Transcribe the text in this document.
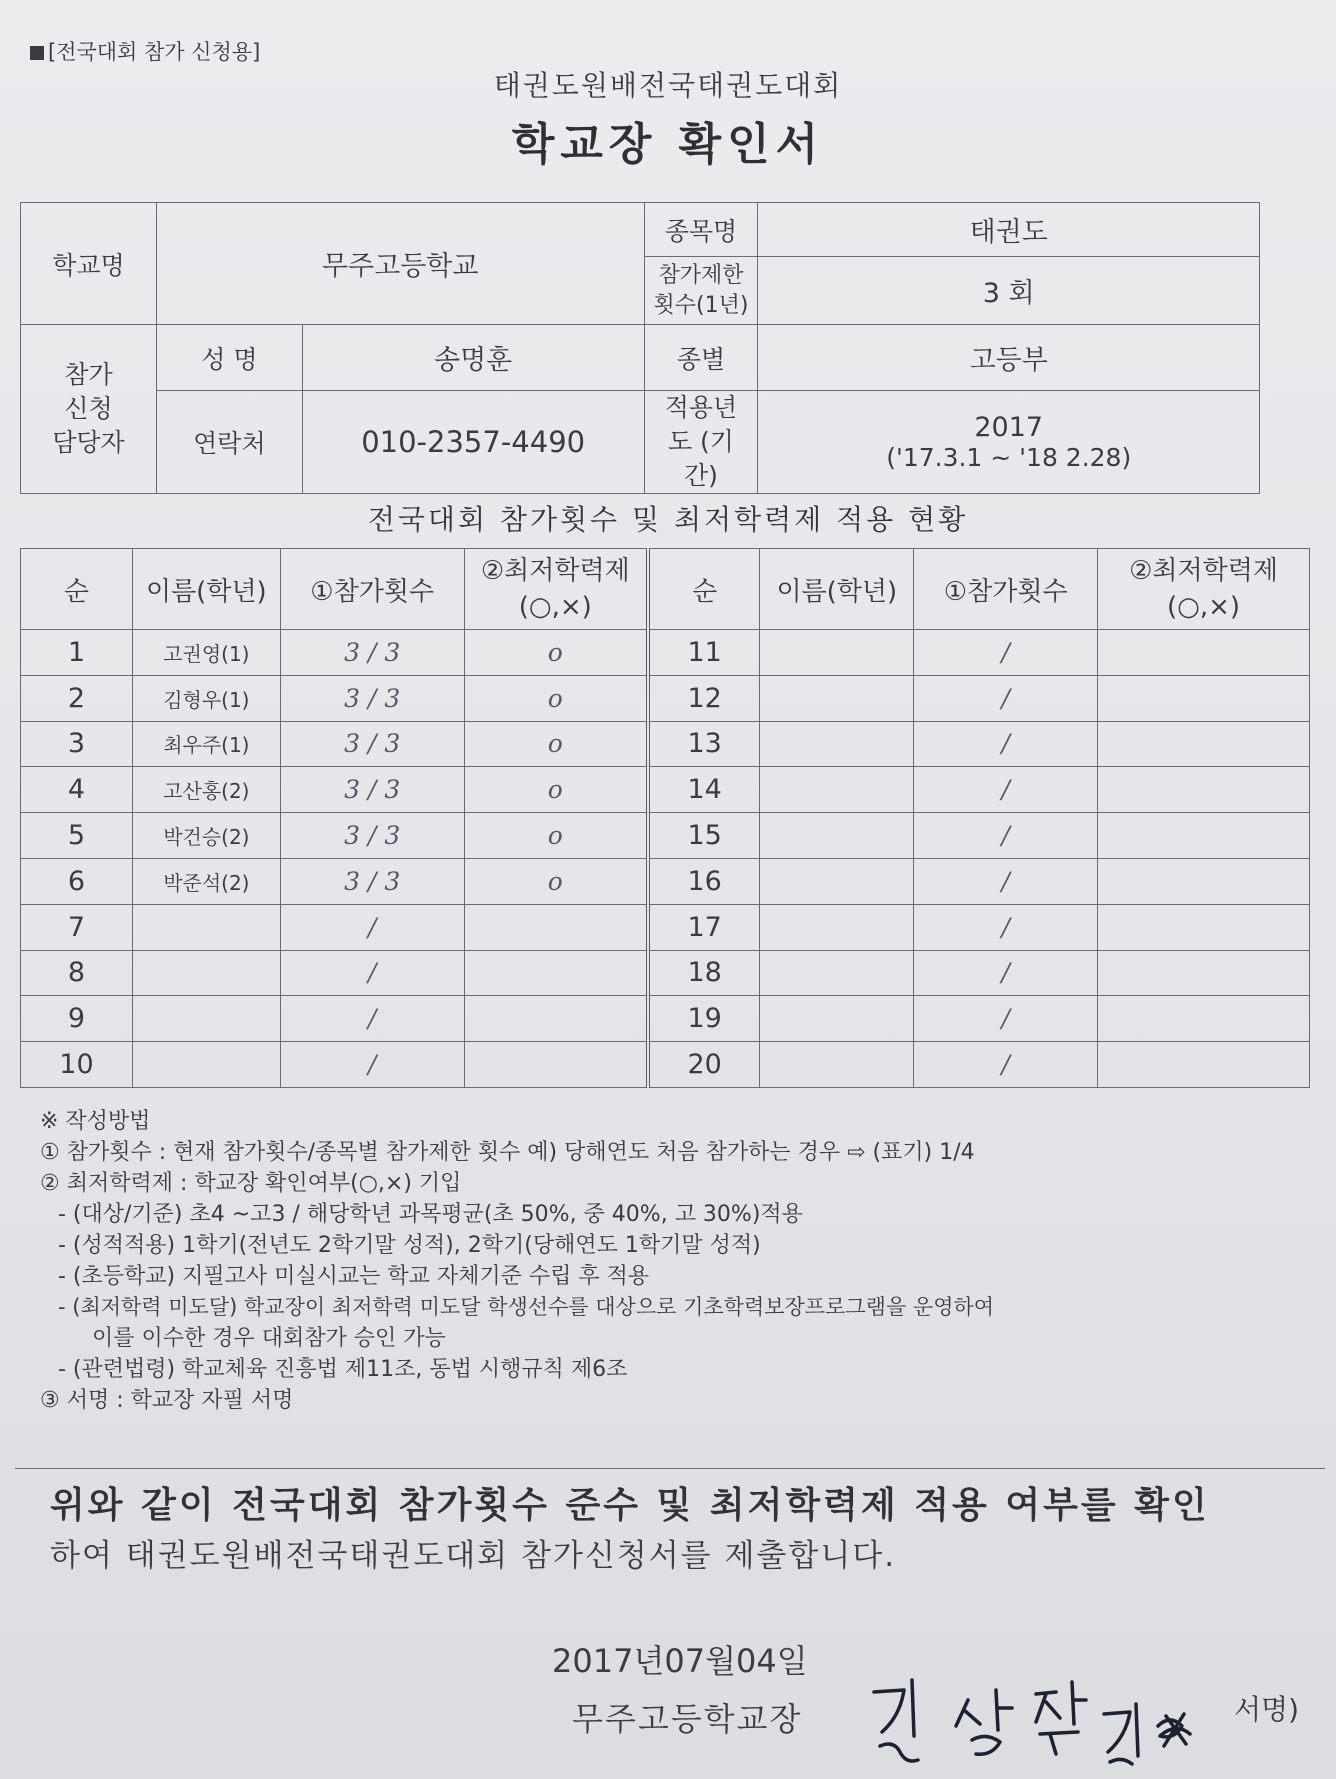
[전국대회 참가 신청용]
태권도원배전국태권도대회
학교장 확인서
학교명	무주고등학교		종목명	태권도
			참가제한 횟수(1년)	3 회
참가 신청 담당자	성 명	송명훈	종별	고등부
	연락처	010-2357-4490	적용년도 (기간)	2017
('17.3.1 ~ '18 2.28)
전국대회 참가횟수 및 최저학력제 적용 현황
순	이름(학년)	①참가횟수	②최저학력제 (○,×)	순	이름(학년)	①참가횟수	②최저학력제 (○,×)
1	고권영(1)	3 / 3	o	11		/	
2	김형우(1)	3 / 3	o	12		/	
3	최우주(1)	3 / 3	o	13		/	
4	고산홍(2)	3 / 3	o	14		/	
5	박건승(2)	3 / 3	o	15		/	
6	박준석(2)	3 / 3	o	16		/	
7		/		17		/	
8		/		18		/	
9		/		19		/	
10		/		20		/	
※ 작성방법
① 참가횟수 : 현재 참가횟수/종목별 참가제한 횟수 예) 당해연도 처음 참가하는 경우 ⇨ (표기) 1/4
② 최저학력제 : 학교장 확인여부(○,×) 기입
- (대상/기준) 초4 ~고3 / 해당학년 과목평균(초 50%, 중 40%, 고 30%)적용
- (성적적용) 1학기(전년도 2학기말 성적), 2학기(당해연도 1학기말 성적)
- (초등학교) 지필고사 미실시교는 학교 자체기준 수립 후 적용
- (최저학력 미도달) 학교장이 최저학력 미도달 학생선수를 대상으로 기초학력보장프로그램을 운영하여
이를 이수한 경우 대회참가 승인 가능
- (관련법령) 학교체육 진흥법 제11조, 동법 시행규칙 제6조
③ 서명 : 학교장 자필 서명
위와 같이 전국대회 참가횟수 준수 및 최저학력제 적용 여부를 확인
하여 태권도원배전국태권도대회 참가신청서를 제출합니다.
2017년07월04일
무주고등학교장	서명)
